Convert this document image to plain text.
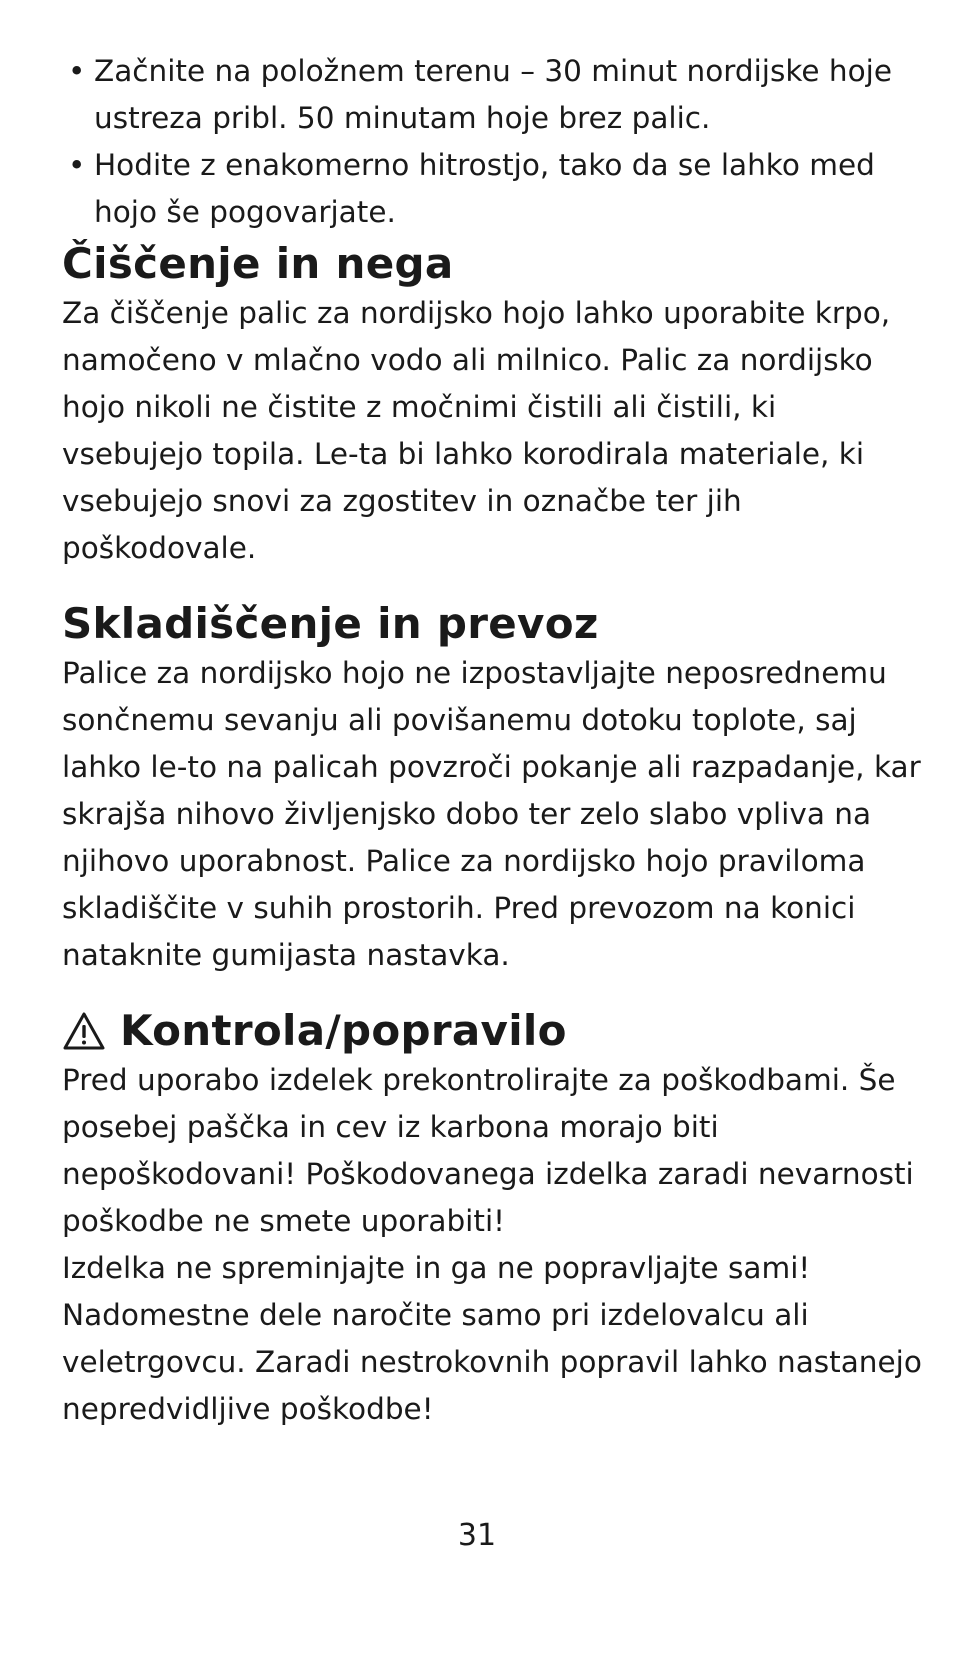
• Začnite na položnem terenu – 30 minut nordijske hoje ustreza pribl. 50 minutam hoje brez palic.
• Hodite z enakomerno hitrostjo, tako da se lahko med hojo še pogovarjate.
Čiščenje in nega

Za čiščenje palic za nordijsko hojo lahko uporabite krpo, namočeno v mlačno vodo ali milnico. Palic za nordijsko hojo nikoli ne čistite z močnimi čistili ali čistili, ki vsebujejo topila. Le-ta bi lahko korodirala materiale, ki vsebujejo snovi za zgostitev in označbe ter jih poškodovale.

Skladiščenje in prevoz

Palice za nordijsko hojo ne izpostavljajte neposrednemu sončnemu sevanju ali povišanemu dotoku toplote, saj lahko le-to na palicah povzroči pokanje ali razpadanje, kar skrajša nihovo življenjsko dobo ter zelo slabo vpliva na njihovo uporabnost. Palice za nordijsko hojo praviloma skladiščite v suhih prostorih. Pred prevozom na konici nataknite gumijasta nastavka.

Kontrola/popravilo

Pred uporabo izdelek prekontrolirajte za poškodbami. Še posebej paščka in cev iz karbona morajo biti nepoškodovani! Poškodovanega izdelka zaradi nevarnosti poškodbe ne smete uporabiti!

Izdelka ne spreminjajte in ga ne popravljajte sami! Nadomestne dele naročite samo pri izdelovalcu ali veletrgovcu. Zaradi nestrokovnih popravil lahko nastanejo nepredvidljive poškodbe!

31
